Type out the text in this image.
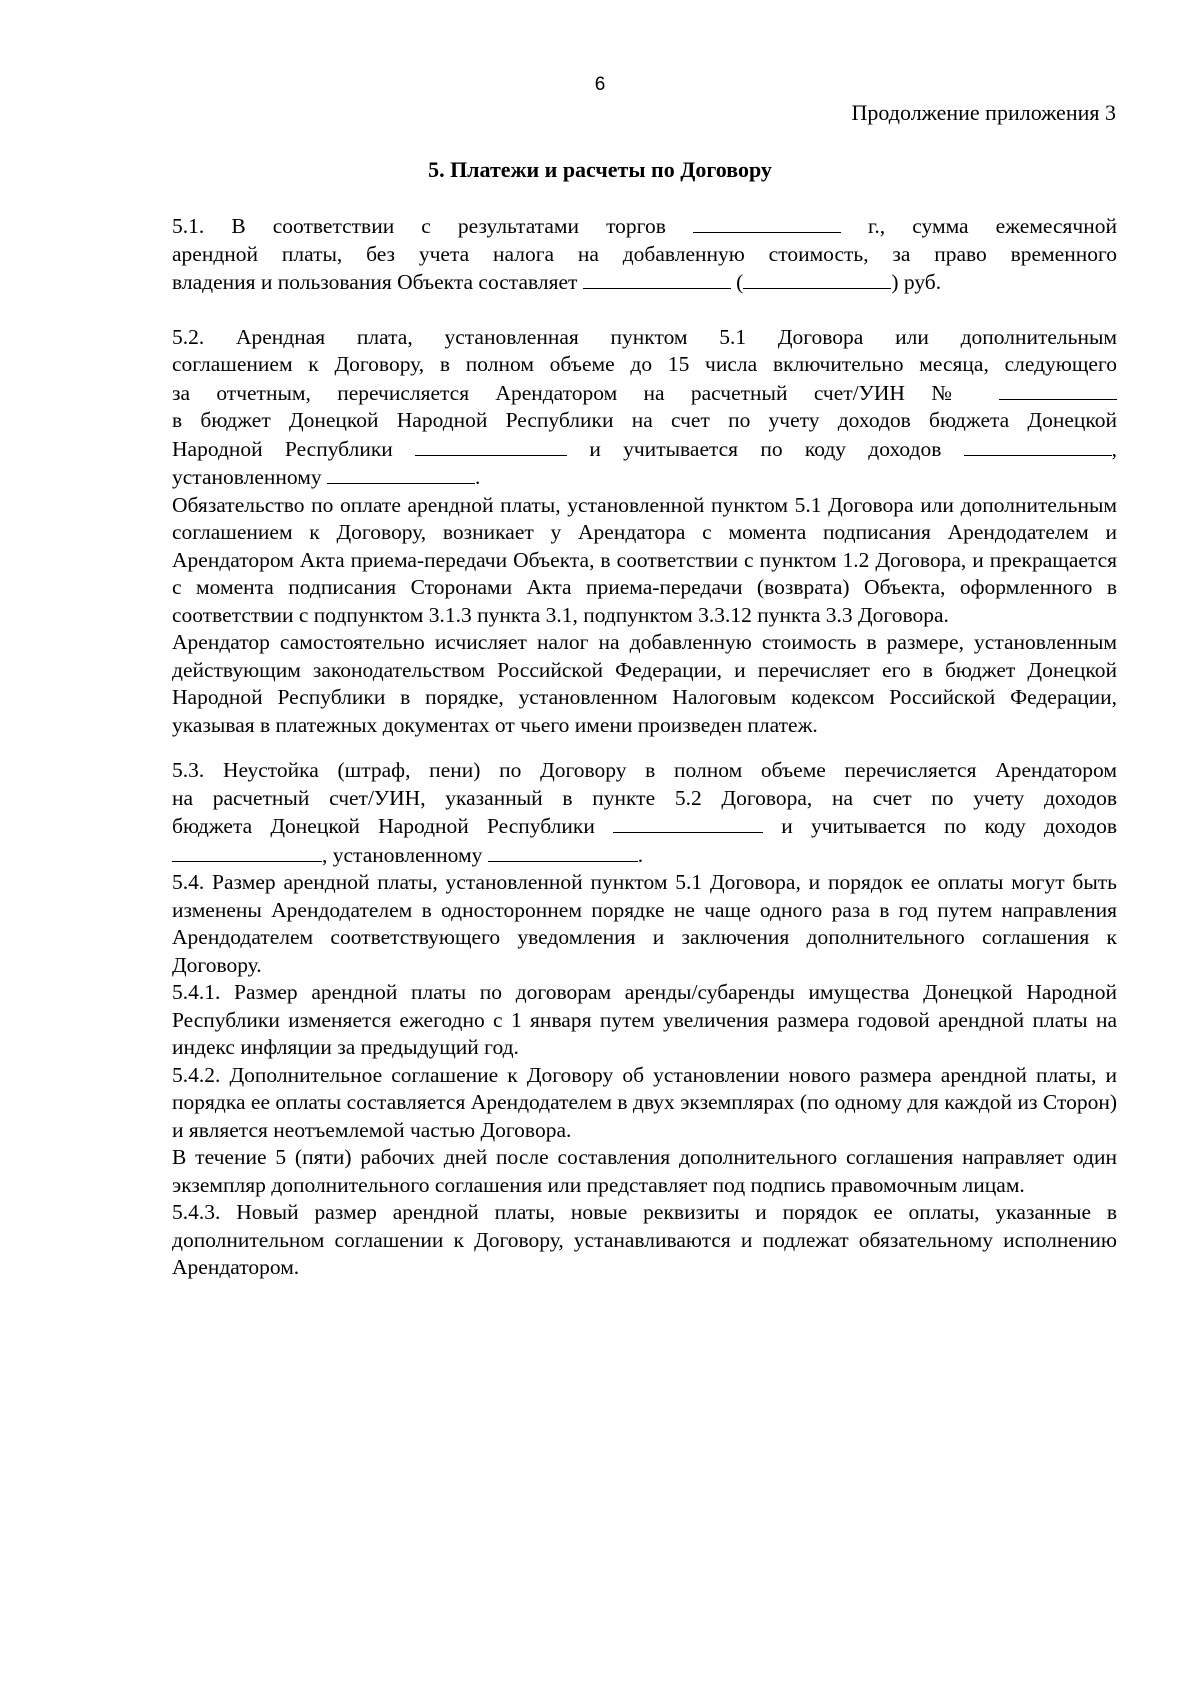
6
Продолжение приложения 3
5. Платежи и расчеты по Договору
5.1. В соответствии с результатами торгов	г., сумма ежемесячной
арендной платы, без учета налога на добавленную стоимость, за право временного
владения и пользования Объекта составляет	(	) руб.
5.2. Арендная плата, установленная пунктом 5.1 Договора или дополнительным
соглашением к Договору, в полном объеме до 15 числа включительно месяца, следующего
за отчетным, перечисляется Арендатором на расчетный счет/УИН №
в бюджет Донецкой Народной Республики на счет по учету доходов бюджета Донецкой
Народной Республики	и учитывается по коду доходов	,
установленному	.

Обязательство по оплате арендной платы, установленной пунктом 5.1 Договора или дополнительным соглашением к Договору, возникает у Арендатора с момента подписания Арендодателем и Арендатором Акта приема-передачи Объекта, в соответствии с пунктом 1.2 Договора, и прекращается с момента подписания Сторонами Акта приема-передачи (возврата) Объекта, оформленного в соответствии с подпунктом 3.1.3 пункта 3.1, подпунктом 3.3.12 пункта 3.3 Договора.

Арендатор самостоятельно исчисляет налог на добавленную стоимость в размере, установленным действующим законодательством Российской Федерации, и перечисляет его в бюджет Донецкой Народной Республики в порядке, установленном Налоговым кодексом Российской Федерации, указывая в платежных документах от чьего имени произведен платеж.

5.3. Неустойка (штраф, пени) по Договору в полном объеме перечисляется Арендатором
на расчетный счет/УИН, указанный в пункте 5.2 Договора, на счет по учету доходов
бюджета Донецкой Народной Республики	и учитывается по коду доходов
, установленному	.

5.4. Размер арендной платы, установленной пунктом 5.1 Договора, и порядок ее оплаты могут быть изменены Арендодателем в одностороннем порядке не чаще одного раза в год путем направления Арендодателем соответствующего уведомления и заключения дополнительного соглашения к Договору.

5.4.1. Размер арендной платы по договорам аренды/субаренды имущества Донецкой Народной Республики изменяется ежегодно с 1 января путем увеличения размера годовой арендной платы на индекс инфляции за предыдущий год.

5.4.2. Дополнительное соглашение к Договору об установлении нового размера арендной платы, и порядка ее оплаты составляется Арендодателем в двух экземплярах (по одному для каждой из Сторон) и является неотъемлемой частью Договора.

В течение 5 (пяти) рабочих дней после составления дополнительного соглашения направляет один экземпляр дополнительного соглашения или представляет под подпись правомочным лицам.

5.4.3. Новый размер арендной платы, новые реквизиты и порядок ее оплаты, указанные в дополнительном соглашении к Договору, устанавливаются и подлежат обязательному исполнению Арендатором.
